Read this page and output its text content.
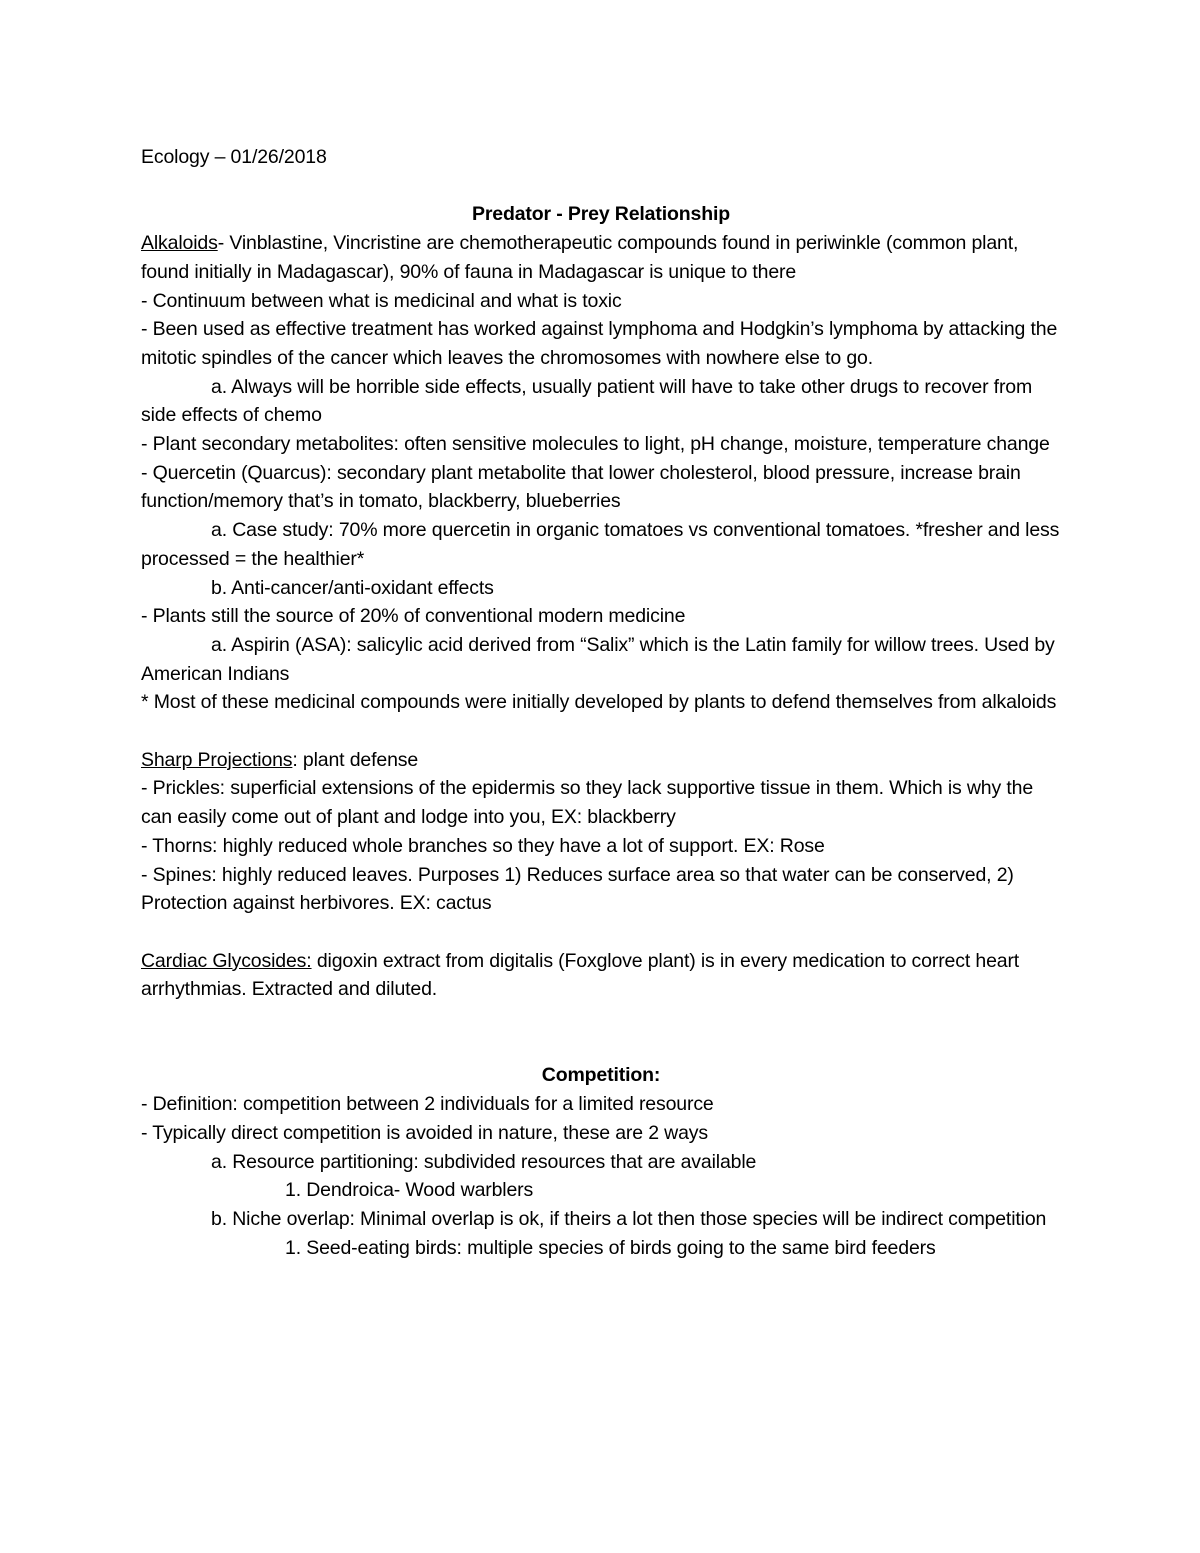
Ecology – 01/26/2018

Predator - Prey Relationship

Alkaloids- Vinblastine, Vincristine are chemotherapeutic compounds found in periwinkle (common plant, found initially in Madagascar), 90% of fauna in Madagascar is unique to there

- Continuum between what is medicinal and what is toxic

- Been used as effective treatment has worked against lymphoma and Hodgkin’s lymphoma by attacking the mitotic spindles of the cancer which leaves the chromosomes with nowhere else to go.

a. Always will be horrible side effects, usually patient will have to take other drugs to recover from side effects of chemo

- Plant secondary metabolites: often sensitive molecules to light, pH change, moisture, temperature change

- Quercetin (Quarcus): secondary plant metabolite that lower cholesterol, blood pressure, increase brain function/memory that’s in tomato, blackberry, blueberries

a. Case study: 70% more quercetin in organic tomatoes vs conventional tomatoes. *fresher and less processed = the healthier*

b. Anti-cancer/anti-oxidant effects

- Plants still the source of 20% of conventional modern medicine

a. Aspirin (ASA): salicylic acid derived from “Salix” which is the Latin family for willow trees. Used by American Indians

* Most of these medicinal compounds were initially developed by plants to defend themselves from alkaloids

Sharp Projections: plant defense

- Prickles: superficial extensions of the epidermis so they lack supportive tissue in them. Which is why the can easily come out of plant and lodge into you, EX: blackberry

- Thorns: highly reduced whole branches so they have a lot of support. EX: Rose

- Spines: highly reduced leaves. Purposes 1) Reduces surface area so that water can be conserved, 2) Protection against herbivores. EX: cactus

Cardiac Glycosides: digoxin extract from digitalis (Foxglove plant) is in every medication to correct heart arrhythmias. Extracted and diluted.

Competition:

- Definition: competition between 2 individuals for a limited resource

- Typically direct competition is avoided in nature, these are 2 ways

a. Resource partitioning: subdivided resources that are available

1. Dendroica- Wood warblers

b. Niche overlap: Minimal overlap is ok, if theirs a lot then those species will be indirect competition

1. Seed-eating birds: multiple species of birds going to the same bird feeders
